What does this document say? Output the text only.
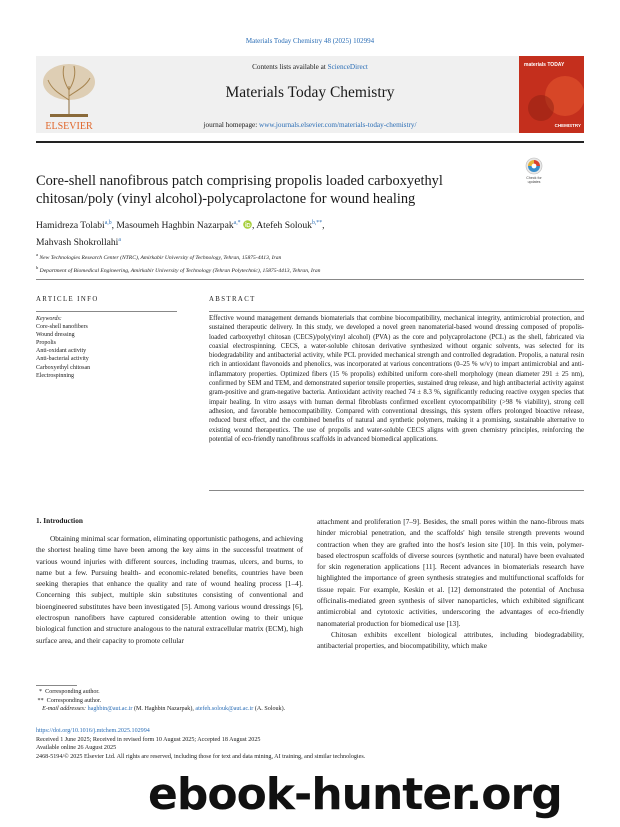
Materials Today Chemistry 48 (2025) 102994
ELSEVIER
Contents lists available at ScienceDirect
Materials Today Chemistry
journal homepage: www.journals.elsevier.com/materials-today-chemistry/
materials TODAY
CHEMISTRY
Core-shell nanofibrous patch comprising propolis loaded carboxyethyl chitosan/poly (vinyl alcohol)-polycaprolactone for wound healing
Check for updates
Hamidreza Tolabi$^{a,b}$, Masoumeh Haghbin Nazarpak$^{a,*}$ , Atefeh Solouk$^{b,**}$,
Mahvash Shokrollahi$^a$
$^a$ New Technologies Research Center (NTRC), Amirkabir University of Technology, Tehran, 15875-4413, Iran
$^b$ Department of Biomedical Engineering, Amirkabir University of Technology (Tehran Polytechnic), 15875-4413, Tehran, Iran
ARTICLE INFO	ABSTRACT
Keywords:
Core-shell nanofibers
Wound dressing
Propolis
Anti-oxidant activity
Anti-bacterial activity
Carboxyethyl chitosan
Electrospinning
Effective wound management demands biomaterials that combine biocompatibility, mechanical integrity, antimicrobial protection, and sustained therapeutic delivery. In this study, we developed a novel green nanomaterial-based wound dressing composed of propolis-loaded carboxyethyl chitosan (CECS)/poly(vinyl alcohol) (PVA) as the core and polycaprolactone (PCL) as the shell, fabricated via coaxial electrospinning. CECS, a water-soluble chitosan derivative synthesized without organic solvents, was selected for its biodegradability and antibacterial activity, while PCL provided mechanical strength and controlled degradation. Propolis, a natural resin rich in antioxidant flavonoids and phenolics, was incorporated at various concentrations (0–25 % w/v) to impart antimicrobial and anti-inflammatory properties. Optimized fibers (15 % propolis) exhibited uniform core-shell morphology (mean diameter 291 ± 25 nm), confirmed by SEM and TEM, and demonstrated superior tensile properties, sustained drug release, and high antibacterial activity against gram-positive and gram-negative bacteria. Antioxidant activity reached 74 ± 8.3 %, significantly reducing reactive oxygen species that impair healing. In vitro assays with human dermal fibroblasts confirmed excellent cytocompatibility (>98 % viability), strong cell adhesion, and favorable hemocompatibility. Compared with conventional dressings, this system offers prolonged bioactive release, reduced burst effect, and the combined benefits of natural and synthetic polymers, making it a promising, sustainable alternative to existing wound therapeutics. The use of propolis and water-soluble CECS aligns with green chemistry principles, reinforcing the potential of eco-friendly nanofibrous scaffolds in advanced biomedical applications.
1. Introduction

Obtaining minimal scar formation, eliminating opportunistic pathogens, and achieving the shortest healing time have been among the key aims in the successful treatment of various wound injuries with different sources, including traumas, ulcers, and burns, to name but a few. Pursuing health- and economic-related benefits, countries have been seeking therapies that enhance the quality and rate of wound healing process [1–4]. Concerning this subject, multiple skin substitutes consisting of conventional and bioengineered substitutes have been investigated [5]. Among various wound dressings [6], electrospun nanofibers have captured considerable attention owing to their unique biological function and structure analogous to the natural extracellular matrix (ECM), high surface area, and their capacity to promote cellular

attachment and proliferation [7–9]. Besides, the small pores within the nano-fibrous mats hinder microbial penetration, and the scaffolds' high tensile strength prevents wound contraction when they are grafted into the host's lesion site [10]. In this vein, polymer-based electrospun scaffolds of diverse sources (synthetic and natural) have been evaluated for skin regeneration applications [11]. Recent advances in biomaterials research have highlighted the importance of green synthesis strategies and multifunctional scaffolds for tissue repair. For example, Keskin et al. [12] demonstrated the potential of Anchusa officinalis-mediated green synthesis of silver nanoparticles, which exhibited significant antimicrobial and cytotoxic activities, underscoring the advantages of eco-friendly nanomaterial production for biomedical use [13].

Chitosan exhibits excellent biological attributes, including biodegradability, antibacterial properties, and biocompatibility, which make

*  Corresponding author.
**  Corresponding author.
E-mail addresses: haghbin@aut.ac.ir (M. Haghbin Nazarpak), atefeh.solouk@aut.ac.ir (A. Solouk).
https://doi.org/10.1016/j.mtchem.2025.102994
Received 1 June 2025; Received in revised form 10 August 2025; Accepted 18 August 2025
Available online 26 August 2025
2468-5194/© 2025 Elsevier Ltd. All rights are reserved, including those for text and data mining, AI training, and similar technologies.
ebook-hunter.org
